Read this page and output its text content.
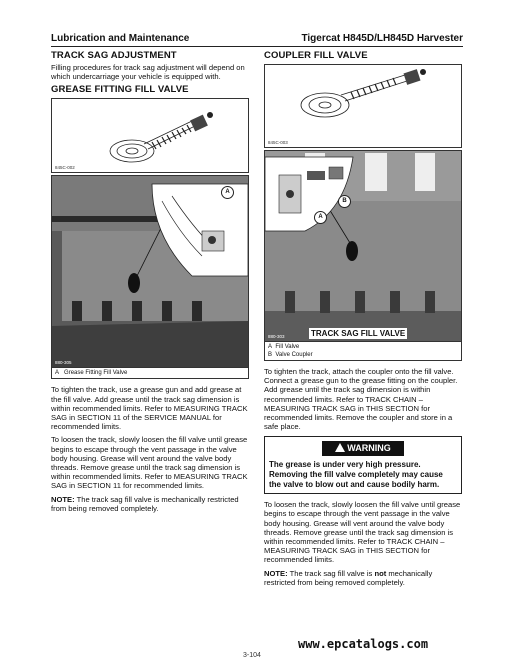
Lubrication and Maintenance	Tigercat H845D/LH845D Harvester
TRACK SAG ADJUSTMENT
Filling procedures for track sag adjustment will depend on which undercarriage your vehicle is equipped with.
GREASE FITTING FILL VALVE
845C-002
A
880-305
A Grease Fitting Fill Valve
To tighten the track, use a grease gun and add grease at the fill valve. Add grease until the track sag dimension is within recommended limits. Refer to MEASURING TRACK SAG in SECTION 11 of the SERVICE MANUAL for recommended limits.
To loosen the track, slowly loosen the fill valve until grease begins to escape through the vent passage in the valve body housing. Grease will vent around the valve body threads. Remove grease until the track sag dimension is within recommended limits. Refer to MEASURING TRACK SAG in SECTION 11 for recommended limits.
NOTE: The track sag fill valve is mechanically restricted from being removed completely.
COUPLER FILL VALVE
845C-003
A
B
TRACK SAG FILL VALVE
880-303
A Fill Valve
B Valve Coupler
To tighten the track, attach the coupler onto the fill valve. Connect a grease gun to the grease fitting on the coupler. Add grease until the track sag dimension is within recommended limits. Refer to TRACK CHAIN – MEASURING TRACK SAG in THIS SECTION for recommended limits. Remove the coupler and store in a safe place.
WARNING
The grease is under very high pressure. Removing the fill valve completely may cause the valve to blow out and cause bodily harm.
To loosen the track, slowly loosen the fill valve until grease begins to escape through the vent passage in the valve body housing. Grease will vent around the valve body threads. Remove grease until the track sag dimension is within recommended limits. Refer to TRACK CHAIN – MEASURING TRACK SAG in THIS SECTION for recommended limits.
NOTE: The track sag fill valve is not mechanically restricted from being removed completely.
www.epcatalogs.com
3-104
